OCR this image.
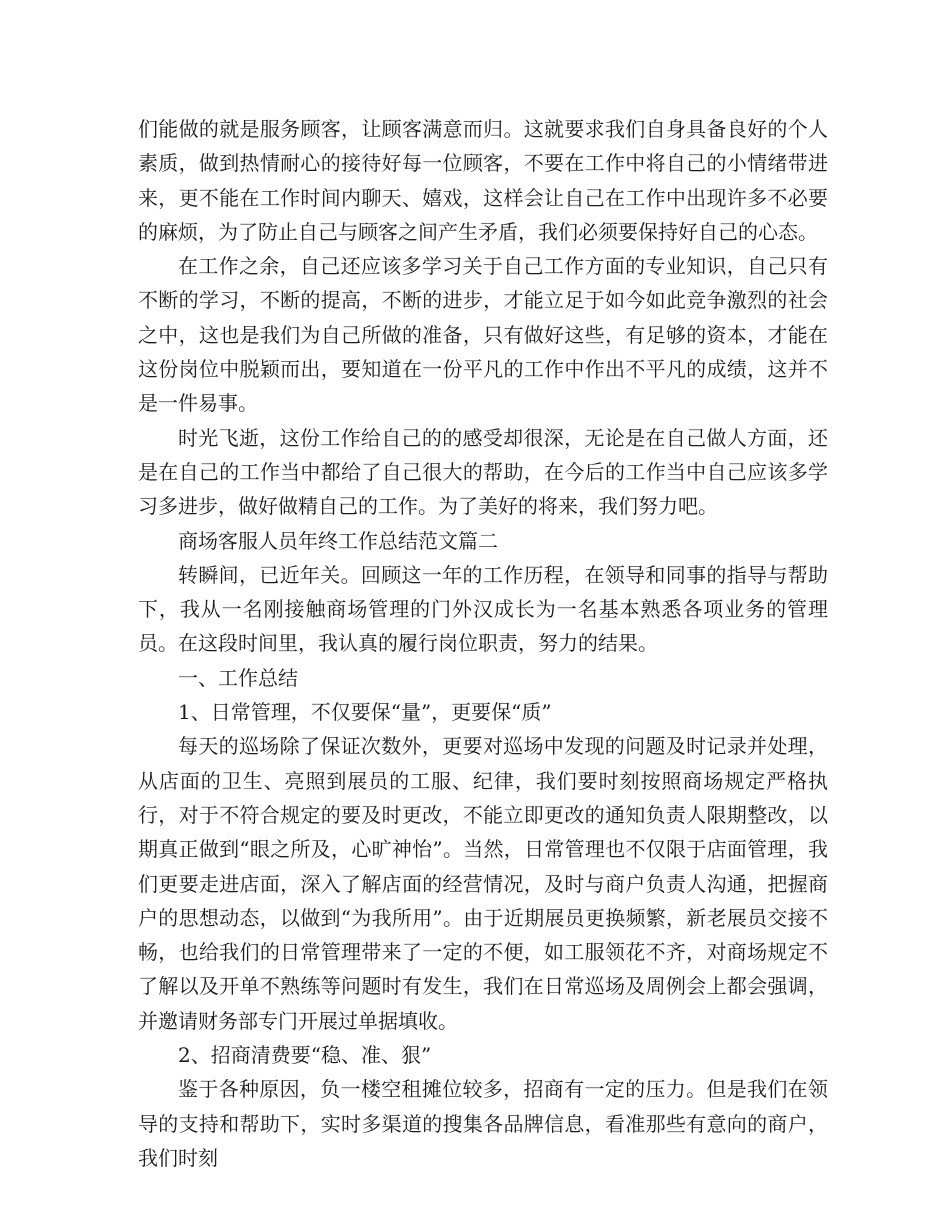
们能做的就是服务顾客，让顾客满意而归。这就要求我们自身具备良好的个人素质，做到热情耐心的接待好每一位顾客，不要在工作中将自己的小情绪带进来，更不能在工作时间内聊天、嬉戏，这样会让自己在工作中出现许多不必要的麻烦，为了防止自己与顾客之间产生矛盾，我们必须要保持好自己的心态。

在工作之余，自己还应该多学习关于自己工作方面的专业知识，自己只有不断的学习，不断的提高，不断的进步，才能立足于如今如此竞争激烈的社会之中，这也是我们为自己所做的准备，只有做好这些，有足够的资本，才能在这份岗位中脱颖而出，要知道在一份平凡的工作中作出不平凡的成绩，这并不是一件易事。

时光飞逝，这份工作给自己的的感受却很深，无论是在自己做人方面，还是在自己的工作当中都给了自己很大的帮助，在今后的工作当中自己应该多学习多进步，做好做精自己的工作。为了美好的将来，我们努力吧。

商场客服人员年终工作总结范文篇二

转瞬间，已近年关。回顾这一年的工作历程，在领导和同事的指导与帮助下，我从一名刚接触商场管理的门外汉成长为一名基本熟悉各项业务的管理员。在这段时间里，我认真的履行岗位职责，努力的结果。

一、工作总结

1、日常管理，不仅要保“量”，更要保“质”

每天的巡场除了保证次数外，更要对巡场中发现的问题及时记录并处理，从店面的卫生、亮照到展员的工服、纪律，我们要时刻按照商场规定严格执行，对于不符合规定的要及时更改，不能立即更改的通知负责人限期整改，以期真正做到“眼之所及，心旷神怡”。当然，日常管理也不仅限于店面管理，我们更要走进店面，深入了解店面的经营情况，及时与商户负责人沟通，把握商户的思想动态，以做到“为我所用”。由于近期展员更换频繁，新老展员交接不畅，也给我们的日常管理带来了一定的不便，如工服领花不齐，对商场规定不了解以及开单不熟练等问题时有发生，我们在日常巡场及周例会上都会强调，并邀请财务部专门开展过单据填收。

2、招商清费要“稳、准、狠”

鉴于各种原因，负一楼空租摊位较多，招商有一定的压力。但是我们在领导的支持和帮助下，实时多渠道的搜集各品牌信息，看准那些有意向的商户，我们时刻
